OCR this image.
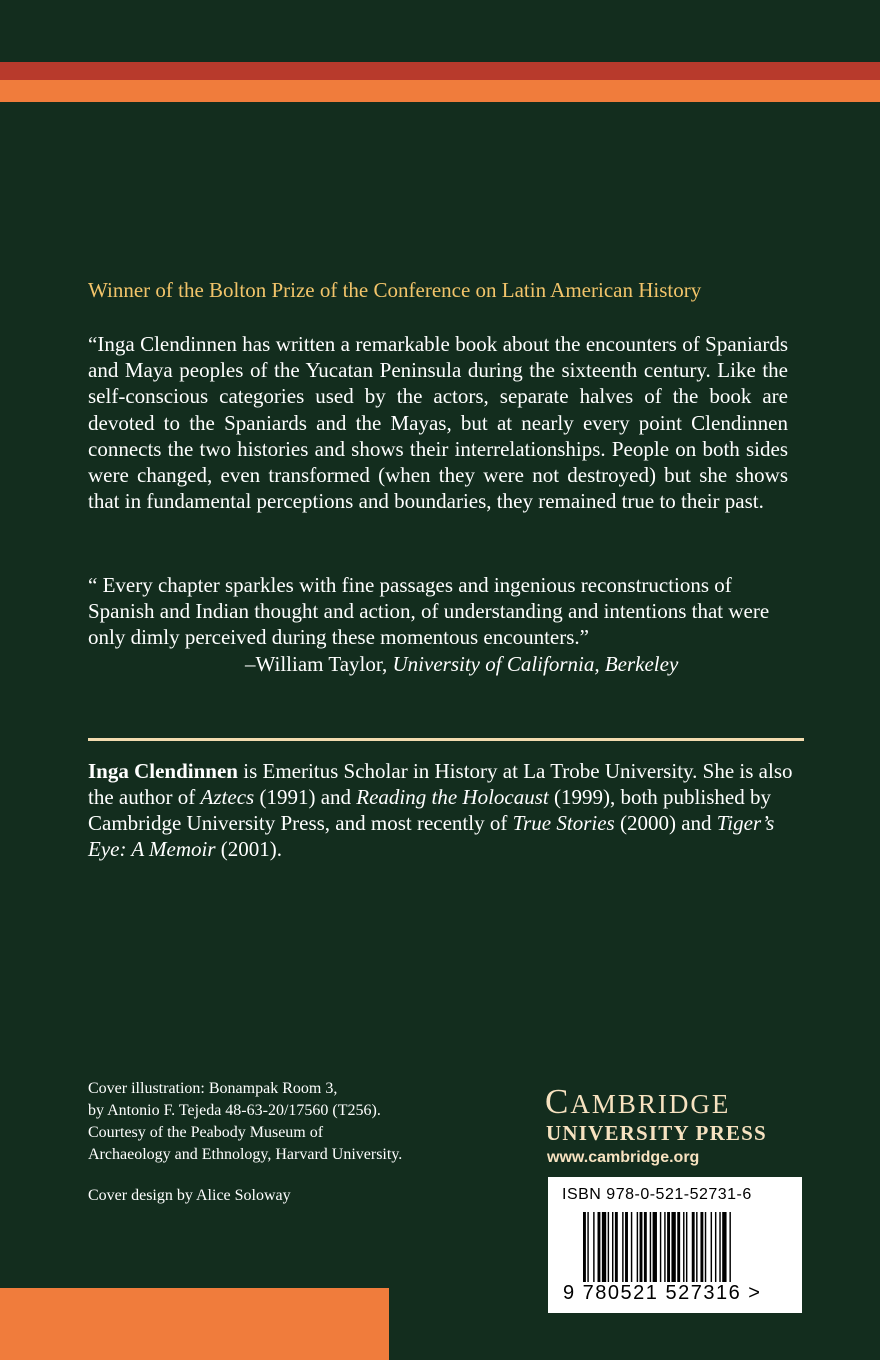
Winner of the Bolton Prize of the Conference on Latin American History
“Inga Clendinnen has written a remarkable book about the encounters of Spaniards and Maya peoples of the Yucatan Peninsula during the sixteenth century. Like the self-conscious categories used by the actors, separate halves of the book are devoted to the Spaniards and the Mayas, but at nearly every point Clendinnen connects the two histories and shows their interrelationships. People on both sides were changed, even transformed (when they were not destroyed) but she shows that in fundamental perceptions and boundaries, they remained true to their past.
“ Every chapter sparkles with fine passages and ingenious reconstructions of Spanish and Indian thought and action, of understanding and intentions that were only dimly perceived during these momentous encounters.”
–William Taylor, University of California, Berkeley
Inga Clendinnen is Emeritus Scholar in History at La Trobe University. She is also the author of Aztecs (1991) and Reading the Holocaust (1999), both published by Cambridge University Press, and most recently of True Stories (2000) and Tiger’s Eye: A Memoir (2001).
Cover illustration: Bonampak Room 3,
by Antonio F. Tejeda 48-63-20/17560 (T256).
Courtesy of the Peabody Museum of
Archaeology and Ethnology, Harvard University.
Cover design by Alice Soloway
CAMBRIDGE
UNIVERSITY PRESS
www.cambridge.org
ISBN 978-0-521-52731-6
9 780521 527316 >
